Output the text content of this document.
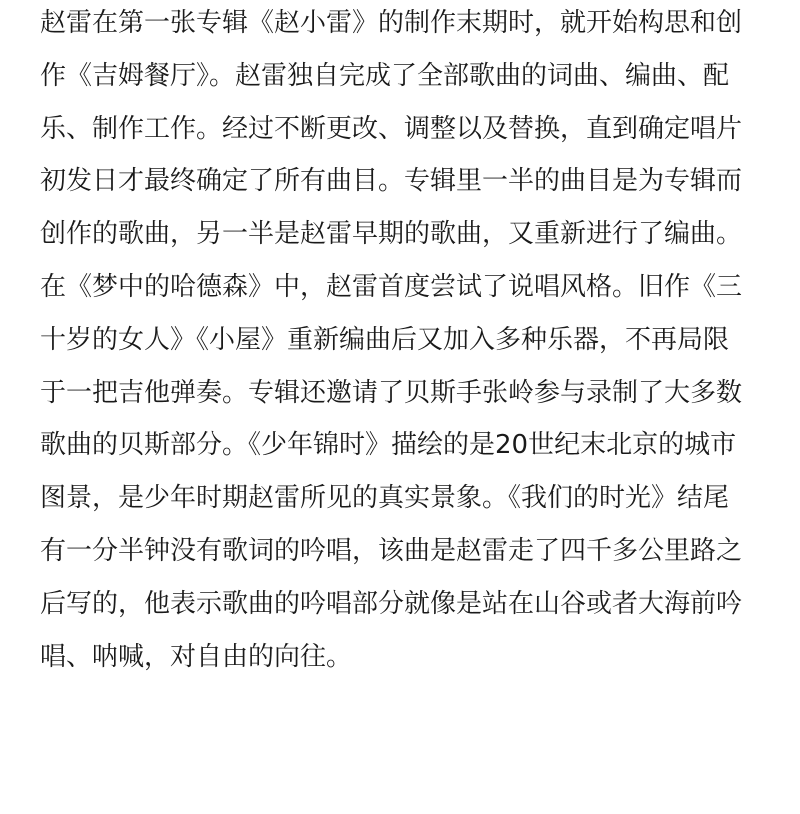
赵雷在第一张专辑《赵小雷》的制作末期时，就开始构思和创
作《吉姆餐厅》。赵雷独自完成了全部歌曲的词曲、编曲、配
乐、制作工作。经过不断更改、调整以及替换，直到确定唱片
初发日才最终确定了所有曲目。专辑里一半的曲目是为专辑而
创作的歌曲，另一半是赵雷早期的歌曲，又重新进行了编曲。
在《梦中的哈德森》中，赵雷首度尝试了说唱风格。旧作《三
十岁的女人》《小屋》重新编曲后又加入多种乐器，不再局限
于一把吉他弹奏。专辑还邀请了贝斯手张岭参与录制了大多数
歌曲的贝斯部分。《少年锦时》描绘的是20世纪末北京的城市
图景，是少年时期赵雷所见的真实景象。《我们的时光》结尾
有一分半钟没有歌词的吟唱，该曲是赵雷走了四千多公里路之
后写的，他表示歌曲的吟唱部分就像是站在山谷或者大海前吟
唱、呐喊，对自由的向往。
